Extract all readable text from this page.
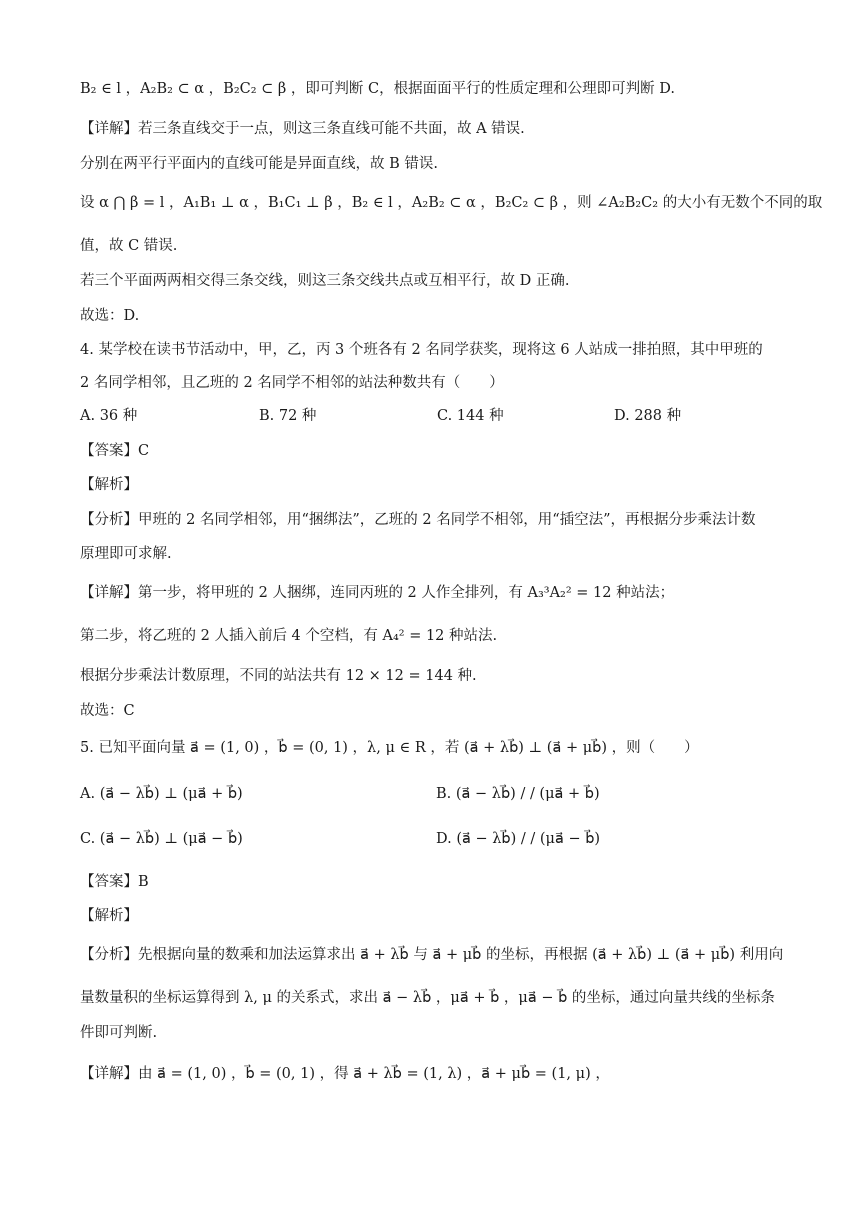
B₂ ∈ l ，A₂B₂ ⊂ α ，B₂C₂ ⊂ β ，即可判断 C，根据面面平行的性质定理和公理即可判断 D.
【详解】若三条直线交于一点，则这三条直线可能不共面，故 A 错误.
分别在两平行平面内的直线可能是异面直线，故 B 错误.
设 α ⋂ β = l ，A₁B₁ ⊥ α ，B₁C₁ ⊥ β ，B₂ ∈ l ，A₂B₂ ⊂ α ，B₂C₂ ⊂ β ，则 ∠A₂B₂C₂ 的大小有无数个不同的取
值，故 C 错误.
若三个平面两两相交得三条交线，则这三条交线共点或互相平行，故 D 正确.
故选：D.
4. 某学校在读书节活动中，甲，乙，丙 3 个班各有 2 名同学获奖，现将这 6 人站成一排拍照，其中甲班的
2 名同学相邻，且乙班的 2 名同学不相邻的站法种数共有（　　）
A. 36 种	B. 72 种	C. 144 种	D. 288 种
【答案】C
【解析】
【分析】甲班的 2 名同学相邻，用“捆绑法”，乙班的 2 名同学不相邻，用“插空法”，再根据分步乘法计数
原理即可求解.
【详解】第一步，将甲班的 2 人捆绑，连同丙班的 2 人作全排列，有 A₃³A₂² = 12 种站法；
第二步，将乙班的 2 人插入前后 4 个空档，有 A₄² = 12 种站法.
根据分步乘法计数原理，不同的站法共有 12 × 12 = 144 种.
故选：C
5. 已知平面向量 a⃗ = (1, 0) ，b⃗ = (0, 1) ，λ, μ ∈ R ，若 (a⃗ + λb⃗) ⊥ (a⃗ + μb⃗) ，则（　　）
A. (a⃗ − λb⃗) ⊥ (μa⃗ + b⃗)	B. (a⃗ − λb⃗) / / (μa⃗ + b⃗)
C. (a⃗ − λb⃗) ⊥ (μa⃗ − b⃗)	D. (a⃗ − λb⃗) / / (μa⃗ − b⃗)
【答案】B
【解析】
【分析】先根据向量的数乘和加法运算求出 a⃗ + λb⃗ 与 a⃗ + μb⃗ 的坐标，再根据 (a⃗ + λb⃗) ⊥ (a⃗ + μb⃗) 利用向
量数量积的坐标运算得到 λ, μ 的关系式，求出 a⃗ − λb⃗ ，μa⃗ + b⃗ ，μa⃗ − b⃗ 的坐标，通过向量共线的坐标条
件即可判断.
【详解】由 a⃗ = (1, 0) ，b⃗ = (0, 1) ，得 a⃗ + λb⃗ = (1, λ) ，a⃗ + μb⃗ = (1, μ) ，
